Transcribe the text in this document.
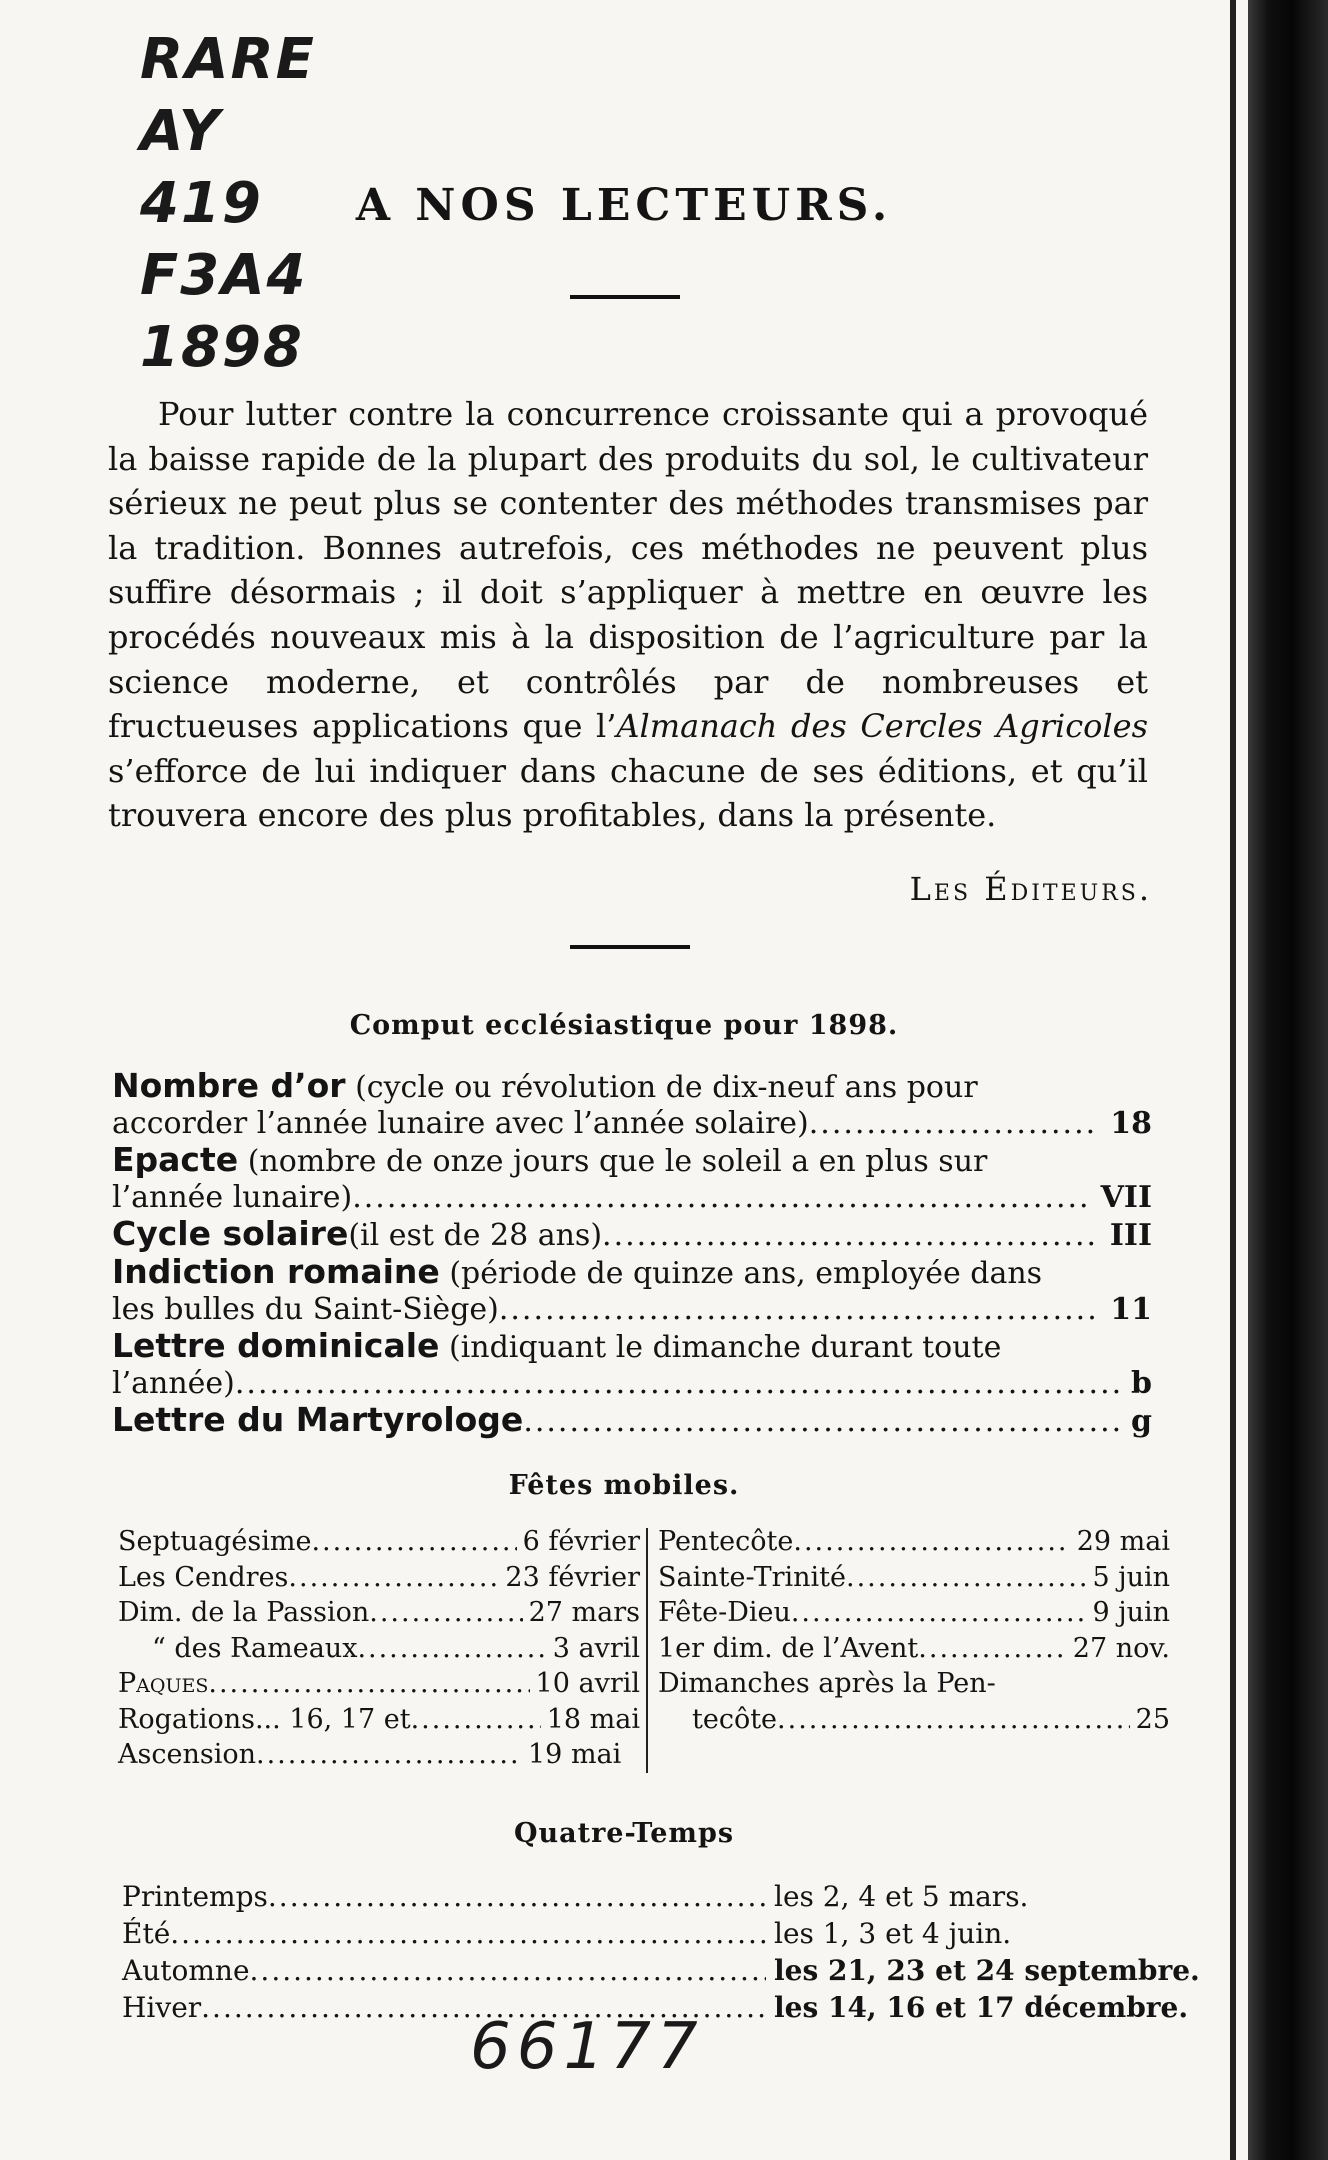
RARE
AY
419
F3A4
1898
A NOS LECTEURS.

Pour lutter contre la concurrence croissante qui a provoqué la baisse rapide de la plupart des produits du sol, le cultivateur sérieux ne peut plus se contenter des méthodes transmises par la tradition. Bonnes autrefois, ces méthodes ne peuvent plus suffire désormais ; il doit s’appliquer à mettre en œuvre les procédés nouveaux mis à la disposition de l’agriculture par la science moderne, et contrôlés par de nombreuses et fructueuses applications que l’Almanach des Cercles Agricoles s’efforce de lui indiquer dans chacune de ses éditions, et qu’il trouvera encore des plus profitables, dans la présente.

Les Éditeurs.
Comput ecclésiastique pour 1898.
Nombre d’or (cycle ou révolution de dix-neuf ans pour
accorder l’année lunaire avec l’année solaire) .....	18
Epacte (nombre de onze jours que le soleil a en plus sur
l’année lunaire) .....	VII
Cycle solaire (il est de 28 ans) .....	III
Indiction romaine (période de quinze ans, employée dans
les bulles du Saint-Siège) .....	11
Lettre dominicale (indiquant le dimanche durant toute
l’année) .....	b
Lettre du Martyrologe .....	g
Fêtes mobiles.
Septuagésime .....	6 février
Les Cendres .....	23 février
Dim. de la Passion .....	27 mars
“ des Rameaux .....	3 avril
Paques .....	10 avril
Rogations... 16, 17 et .....	18 mai
Ascension .....	19 mai
Pentecôte .....	29 mai
Sainte-Trinité .....	5 juin
Fête-Dieu .....	9 juin
1er dim. de l’Avent .....	27 nov.
Dimanches après la Pen-
tecôte .....	25
Quatre-Temps
Printemps .....	les 2, 4 et 5 mars.
Été .....	les 1, 3 et 4 juin.
Automne .....	les 21, 23 et 24 septembre.
Hiver .....	les 14, 16 et 17 décembre.
66177
